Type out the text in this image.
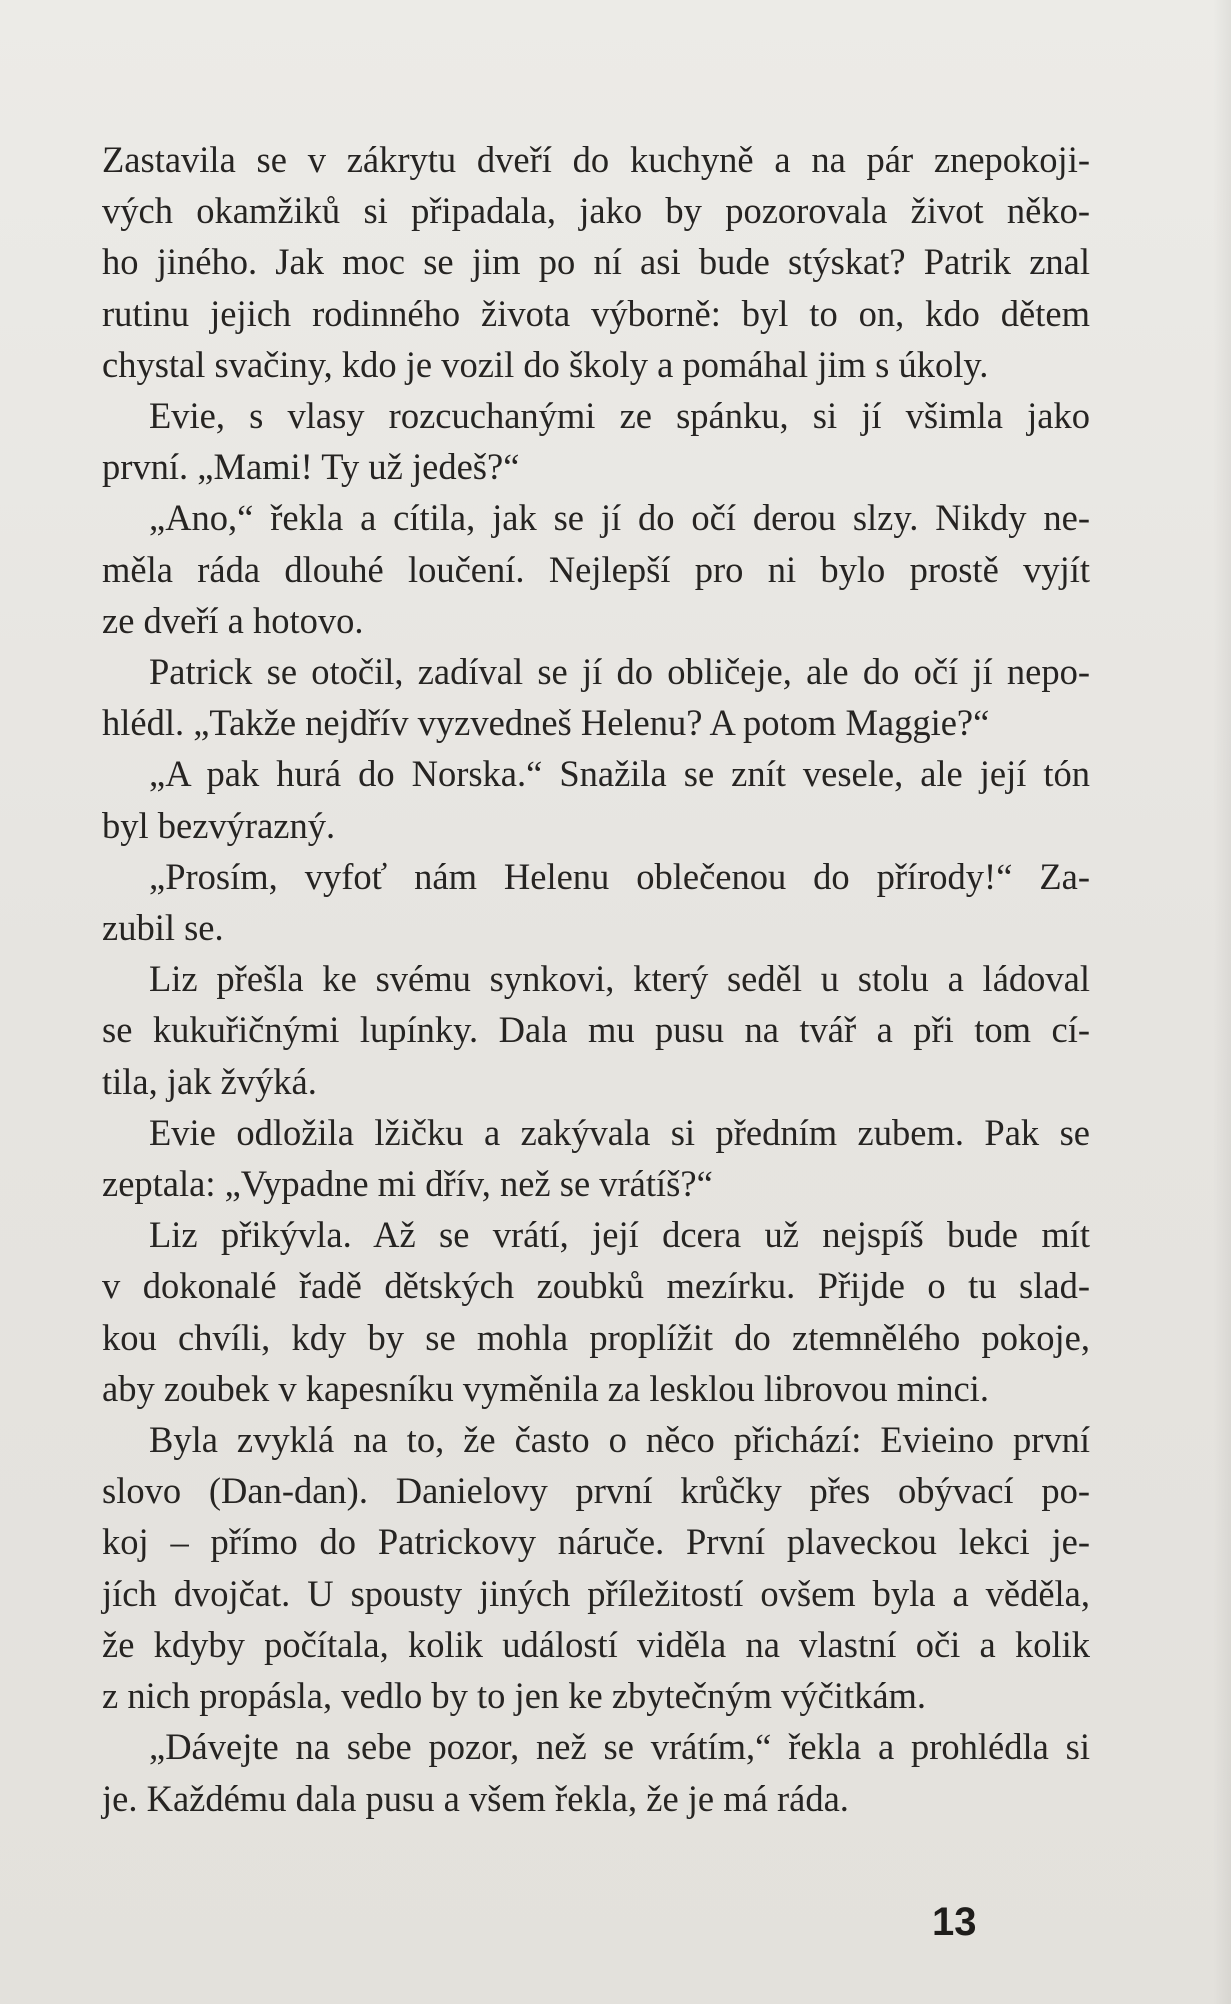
Zastavila se v zákrytu dveří do kuchyně a na pár znepokoji-
vých okamžiků si připadala, jako by pozorovala život něko-
ho jiného. Jak moc se jim po ní asi bude stýskat? Patrik znal
rutinu jejich rodinného života výborně: byl to on, kdo dětem
chystal svačiny, kdo je vozil do školy a pomáhal jim s úkoly.

Evie, s vlasy rozcuchanými ze spánku, si jí všimla jako
první. „Mami! Ty už jedeš?“

„Ano,“ řekla a cítila, jak se jí do očí derou slzy. Nikdy ne-
měla ráda dlouhé loučení. Nejlepší pro ni bylo prostě vyjít
ze dveří a hotovo.

Patrick se otočil, zadíval se jí do obličeje, ale do očí jí nepo-
hlédl. „Takže nejdřív vyzvedneš Helenu? A potom Maggie?“

„A pak hurá do Norska.“ Snažila se znít vesele, ale její tón
byl bezvýrazný.

„Prosím, vyfoť nám Helenu oblečenou do přírody!“ Za-
zubil se.

Liz přešla ke svému synkovi, který seděl u stolu a ládoval
se kukuřičnými lupínky. Dala mu pusu na tvář a při tom cí-
tila, jak žvýká.

Evie odložila lžičku a zakývala si předním zubem. Pak se
zeptala: „Vypadne mi dřív, než se vrátíš?“

Liz přikývla. Až se vrátí, její dcera už nejspíš bude mít
v dokonalé řadě dětských zoubků mezírku. Přijde o tu slad-
kou chvíli, kdy by se mohla proplížit do ztemnělého pokoje,
aby zoubek v kapesníku vyměnila za lesklou librovou minci.

Byla zvyklá na to, že často o něco přichází: Evieino první
slovo (Dan-dan). Danielovy první krůčky přes obývací po-
koj – přímo do Patrickovy náruče. První plaveckou lekci je-
jích dvojčat. U spousty jiných příležitostí ovšem byla a věděla,
že kdyby počítala, kolik událostí viděla na vlastní oči a kolik
z nich propásla, vedlo by to jen ke zbytečným výčitkám.

„Dávejte na sebe pozor, než se vrátím,“ řekla a prohlédla si
je. Každému dala pusu a všem řekla, že je má ráda.

13
